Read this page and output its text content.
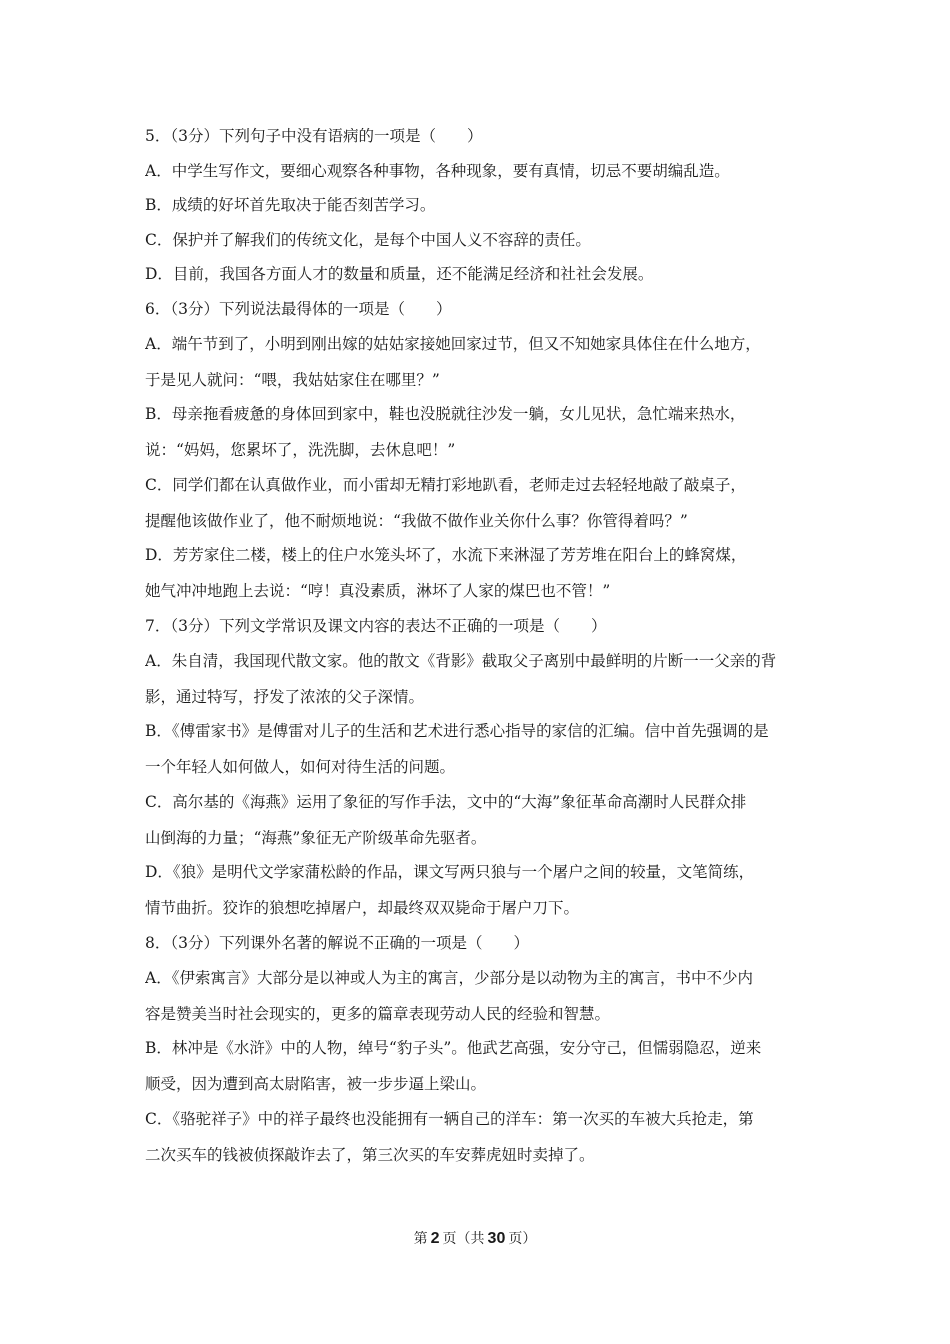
5．（3分）下列句子中没有语病的一项是（　　）
A．中学生写作文，要细心观察各种事物，各种现象，要有真情，切忌不要胡编乱造。
B．成绩的好坏首先取决于能否刻苦学习。
C．保护并了解我们的传统文化，是每个中国人义不容辞的责任。
D．目前，我国各方面人才的数量和质量，还不能满足经济和社社会发展。
6．（3分）下列说法最得体的一项是（　　）
A．端午节到了，小明到刚出嫁的姑姑家接她回家过节，但又不知她家具体住在什么地方，
于是见人就问：“喂，我姑姑家住在哪里？”
B．母亲拖看疲惫的身体回到家中，鞋也没脱就往沙发一躺，女儿见状，急忙端来热水，
说：“妈妈，您累坏了，洗洗脚，去休息吧！”
C．同学们都在认真做作业，而小雷却无精打彩地趴看，老师走过去轻轻地敲了敲桌子，
提醒他该做作业了，他不耐烦地说：“我做不做作业关你什么事？你管得着吗？”
D．芳芳家住二楼，楼上的住户水笼头坏了，水流下来淋湿了芳芳堆在阳台上的蜂窝煤，
她气冲冲地跑上去说：“哼！真没素质，淋坏了人家的煤巴也不管！”
7．（3分）下列文学常识及课文内容的表达不正确的一项是（　　）
A．朱自清，我国现代散文家。他的散文《背影》截取父子离别中最鲜明的片断一一父亲的背
影，通过特写，抒发了浓浓的父子深情。
B．《傅雷家书》是傅雷对儿子的生活和艺术进行悉心指导的家信的汇编。信中首先强调的是
一个年轻人如何做人，如何对待生活的问题。
C．高尔基的《海燕》运用了象征的写作手法，文中的“大海”象征革命高潮时人民群众排
山倒海的力量；“海燕”象征无产阶级革命先驱者。
D．《狼》是明代文学家蒲松龄的作品，课文写两只狼与一个屠户之间的较量，文笔简练，
情节曲折。狡诈的狼想吃掉屠户，却最终双双毙命于屠户刀下。
8．（3分）下列课外名著的解说不正确的一项是（　　）
A．《伊索寓言》大部分是以神或人为主的寓言，少部分是以动物为主的寓言，书中不少内
容是赞美当时社会现实的，更多的篇章表现劳动人民的经验和智慧。
B．林冲是《水浒》中的人物，绰号“豹子头”。他武艺高强，安分守己，但懦弱隐忍，逆来
顺受，因为遭到高太尉陷害，被一步步逼上梁山。
C．《骆驼祥子》中的祥子最终也没能拥有一辆自己的洋车：第一次买的车被大兵抢走，第
二次买车的钱被侦探敲诈去了，第三次买的车安葬虎妞时卖掉了。
第 2 页（共 30 页）
